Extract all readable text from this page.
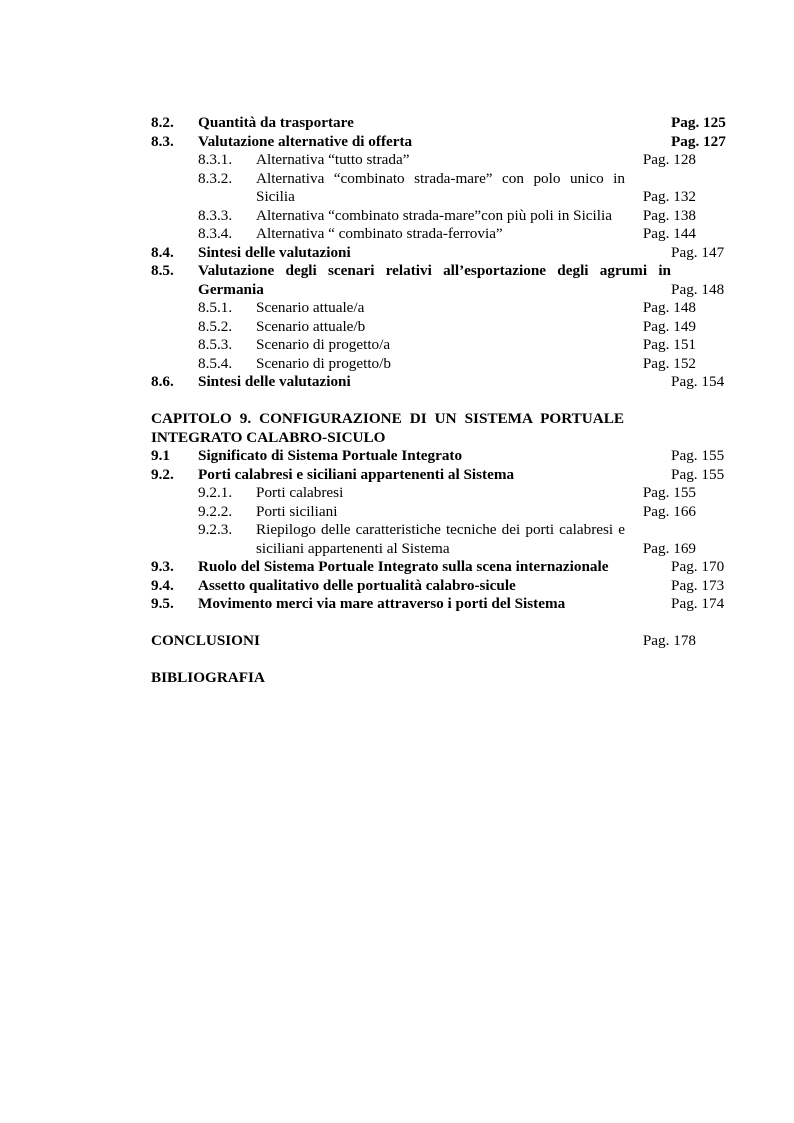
8.2.	Quantità da trasportare	Pag. 125
8.3.	Valutazione alternative di offerta	Pag. 127
8.3.1.	Alternativa “tutto strada”	Pag. 128
8.3.2.	Alternativa “combinato strada-mare” con polo unico in Sicilia	Pag. 132
8.3.3.	Alternativa “combinato strada-mare”con più poli in Sicilia	Pag. 138
8.3.4.	Alternativa “ combinato strada-ferrovia”	Pag. 144
8.4.	Sintesi delle valutazioni	Pag. 147
8.5.	Valutazione degli scenari relativi all’esportazione degli agrumi in Germania	Pag. 148
8.5.1.	Scenario attuale/a	Pag. 148
8.5.2.	Scenario attuale/b	Pag. 149
8.5.3.	Scenario di progetto/a	Pag. 151
8.5.4.	Scenario di progetto/b	Pag. 152
8.6.	Sintesi delle valutazioni	Pag. 154
CAPITOLO 9. CONFIGURAZIONE DI UN SISTEMA PORTUALE INTEGRATO CALABRO-SICULO
9.1	Significato di Sistema Portuale Integrato	Pag. 155
9.2.	Porti calabresi e siciliani appartenenti al Sistema	Pag. 155
9.2.1.	Porti calabresi	Pag. 155
9.2.2.	Porti siciliani	Pag. 166
9.2.3.	Riepilogo delle caratteristiche tecniche dei porti calabresi e siciliani appartenenti al Sistema	Pag. 169
9.3.	Ruolo del Sistema Portuale Integrato sulla scena internazionale	Pag. 170
9.4.	Assetto qualitativo delle portualità calabro-sicule	Pag. 173
9.5.	Movimento merci via mare attraverso i porti del Sistema	Pag. 174
CONCLUSIONI	Pag. 178
BIBLIOGRAFIA
